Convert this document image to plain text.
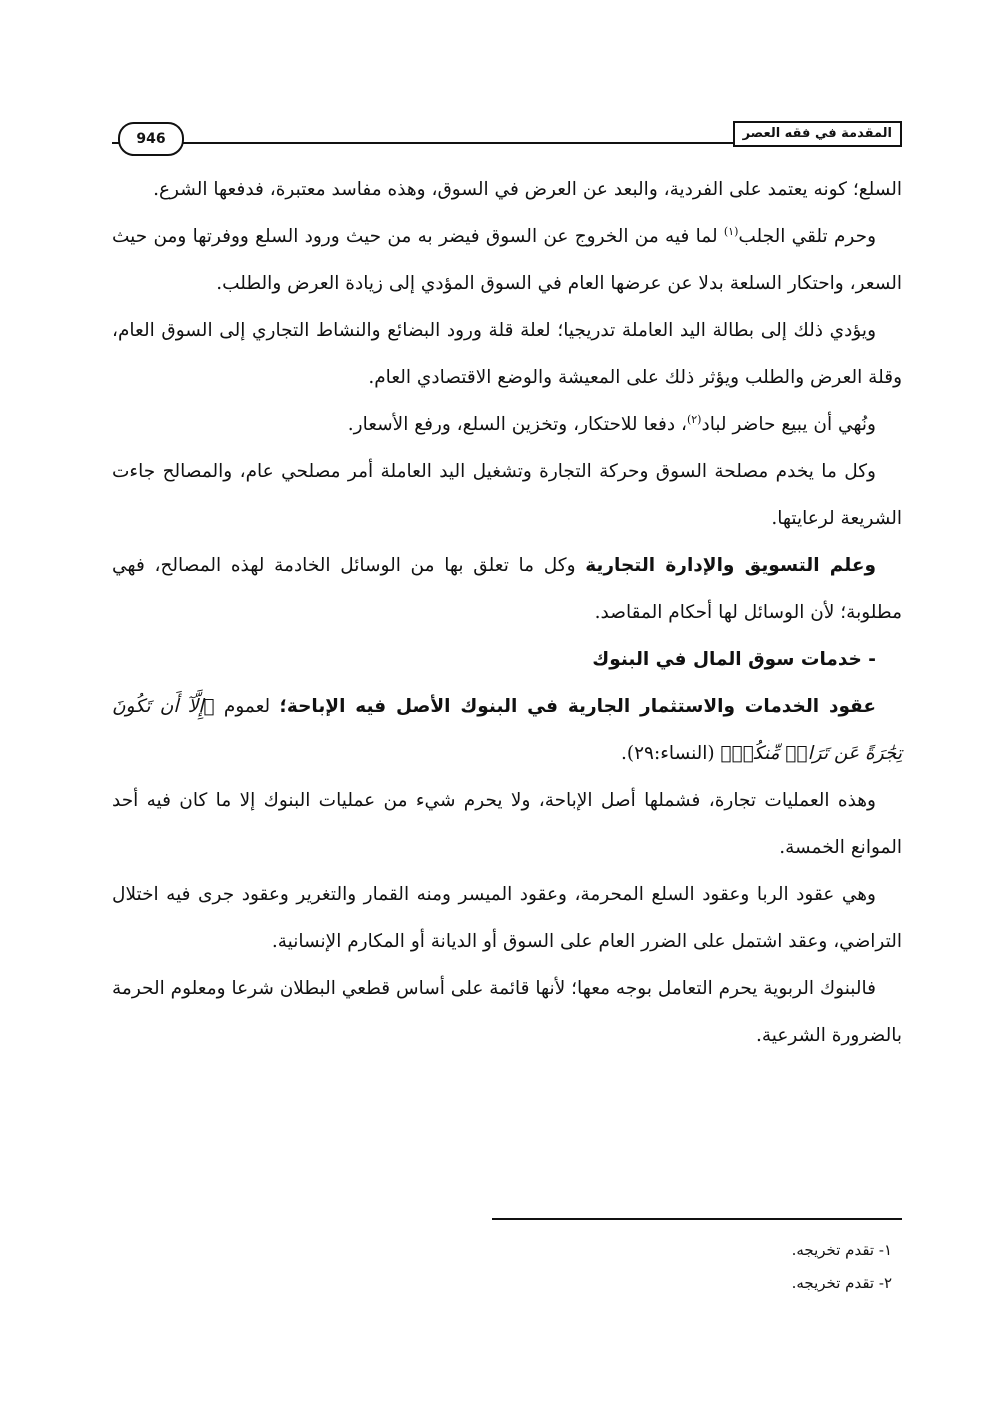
المقدمة في فقه العصر
946

السلع؛ كونه يعتمد على الفردية، والبعد عن العرض في السوق، وهذه مفاسد معتبرة، فدفعها الشرع.

وحرم تلقي الجلب$^{(١)}$ لما فيه من الخروج عن السوق فيضر به من حيث ورود السلع ووفرتها ومن حيث السعر، واحتكار السلعة بدلا عن عرضها العام في السوق المؤدي إلى زيادة العرض والطلب.

ويؤدي ذلك إلى بطالة اليد العاملة تدريجيا؛ لعلة قلة ورود البضائع والنشاط التجاري إلى السوق العام، وقلة العرض والطلب ويؤثر ذلك على المعيشة والوضع الاقتصادي العام.

ونُهي أن يبيع حاضر لباد$^{(٢)}$، دفعا للاحتكار، وتخزين السلع، ورفع الأسعار.

وكل ما يخدم مصلحة السوق وحركة التجارة وتشغيل اليد العاملة أمر مصلحي عام، والمصالح جاءت الشريعة لرعايتها.

وعلم التسويق والإدارة التجارية وكل ما تعلق بها من الوسائل الخادمة لهذه المصالح، فهي مطلوبة؛ لأن الوسائل لها أحكام المقاصد.

- خدمات سوق المال في البنوك

عقود الخدمات والاستثمار الجارية في البنوك الأصل فيه الإباحة؛ لعموم ﴿إِلَّآ أَن تَكُونَ تِجَٰرَةً عَن تَرَاضٖ مِّنكُمۡ﴾ (النساء:٢٩).

وهذه العمليات تجارة، فشملها أصل الإباحة، ولا يحرم شيء من عمليات البنوك إلا ما كان فيه أحد الموانع الخمسة.

وهي عقود الربا وعقود السلع المحرمة، وعقود الميسر ومنه القمار والتغرير وعقود جرى فيه اختلال التراضي، وعقد اشتمل على الضرر العام على السوق أو الديانة أو المكارم الإنسانية.

فالبنوك الربوية يحرم التعامل بوجه معها؛ لأنها قائمة على أساس قطعي البطلان شرعا ومعلوم الحرمة بالضرورة الشرعية.

١- تقدم تخريجه.

٢- تقدم تخريجه.
